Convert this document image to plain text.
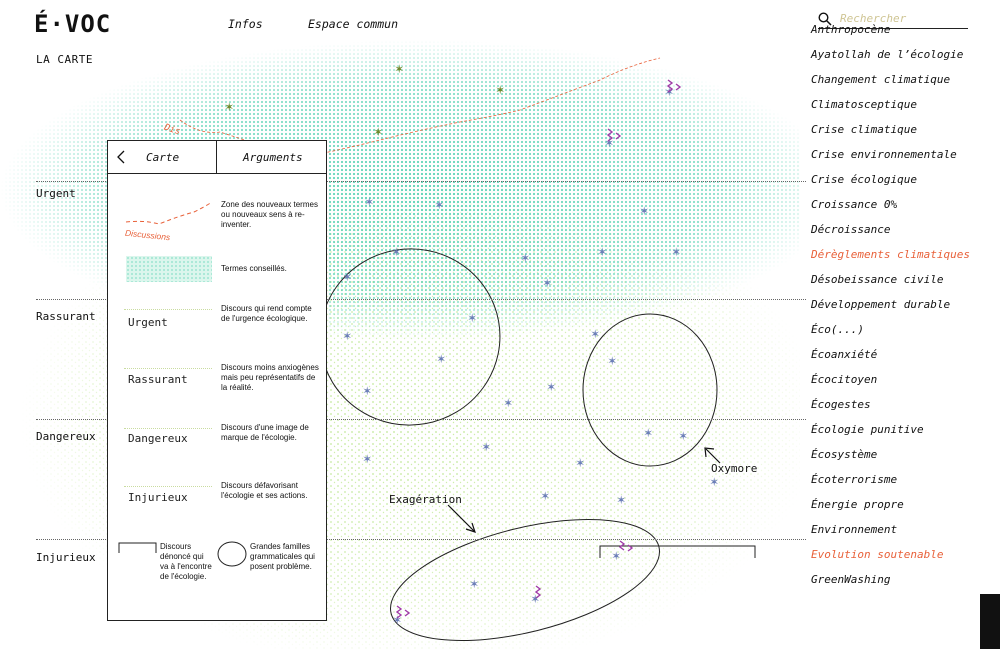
É·VOC	Infos	Espace commun
Rechercher
✶	✶	✶
✶	✶	✶	✶
✶	✶
✶
✶
✶
✶	✶
✶
✶
✶
✶ ✶
✶
✶	✶
✶
✶	✶
✶
✶
✶
✶
✶
✶
✶
✶
✶
✶
Dis
Oxymore
Exagération
LA CARTE
Urgent
Rassurant
Dangereux
Injurieux
Carte	Arguments
Discussions
Zone des nouveaux termes ou nouveaux sens à re-inventer.
Termes conseillés.
Urgent
Discours qui rend compte de l'urgence écologique.
Rassurant
Discours moins anxiogènes mais peu représentatifs de la réalité.
Dangereux
Discours d'une image de marque de l'écologie.
Injurieux
Discours défavorisant l'écologie et ses actions.
Discours dénoncé qui va à l'encontre de l'écologie.
Grandes familles grammaticales qui posent problème.
Anthropocène
Ayatollah de l’écologie
Changement climatique
Climatosceptique
Crise climatique
Crise environnementale
Crise écologique
Croissance 0%
Décroissance
Dérèglements climatiques
Désobeissance civile
Développement durable
Éco(...)
Écoanxiété
Écocitoyen
Écogestes
Écologie punitive
Écosystème
Écoterrorisme
Énergie propre
Environnement
Evolution soutenable
GreenWashing
